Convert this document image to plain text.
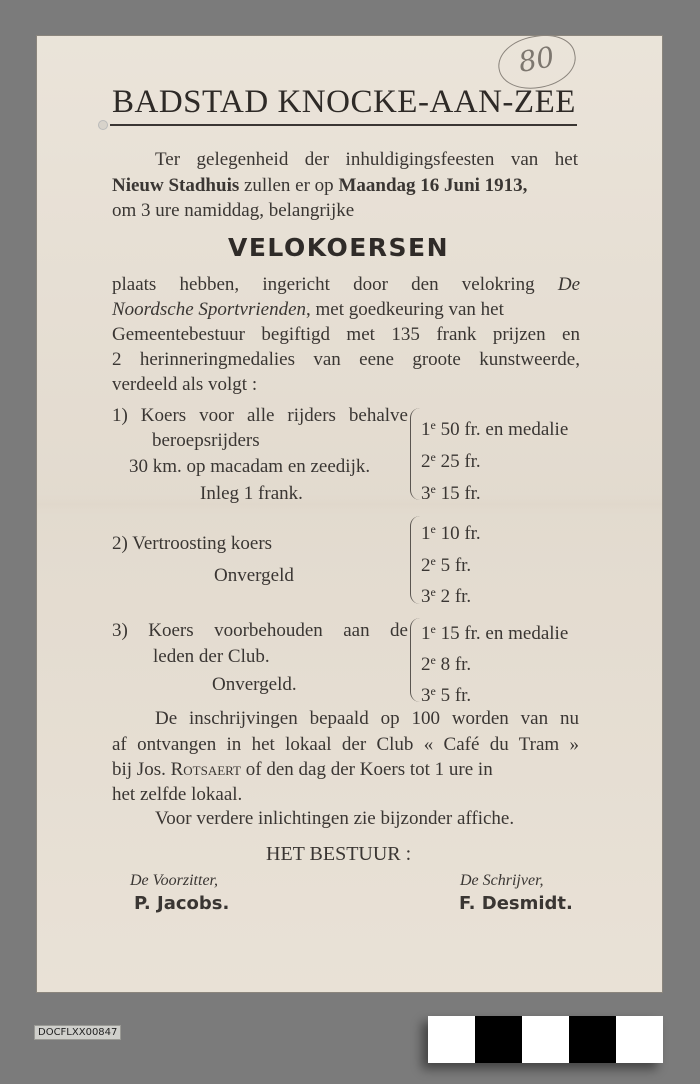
80
BADSTAD KNOCKE-AAN-ZEE
Ter gelegenheid der inhuldigingsfeesten van het
Nieuw Stadhuis zullen er op Maandag 16 Juni 1913,
om 3 ure namiddag, belangrijke
VELOKOERSEN
plaats hebben, ingericht door den velokring De
Noordsche Sportvrienden, met goedkeuring van het
Gemeentebestuur begiftigd met 135 frank prijzen en
2 herinneringmedalies van eene groote kunstweerde,
verdeeld als volgt :
1) Koers voor alle rijders behalve
beroepsrijders
30 km. op macadam en zeedijk.
Inleg 1 frank.
1e 50 fr. en medalie
2e 25 fr.
3e 15 fr.
2) Vertroosting koers
Onvergeld
1e 10 fr.
2e 5 fr.
3e 2 fr.
3) Koers voorbehouden aan de
leden der Club.
Onvergeld.
1e 15 fr. en medalie
2e 8 fr.
3e 5 fr.
De inschrijvingen bepaald op 100 worden van nu
af ontvangen in het lokaal der Club « Café du Tram »
bij Jos. Rotsaert of den dag der Koers tot 1 ure in
het zelfde lokaal.
Voor verdere inlichtingen zie bijzonder affiche.
HET BESTUUR :
De Voorzitter,
P. Jacobs.
De Schrijver,
F. Desmidt.
DOCFLXX00847
